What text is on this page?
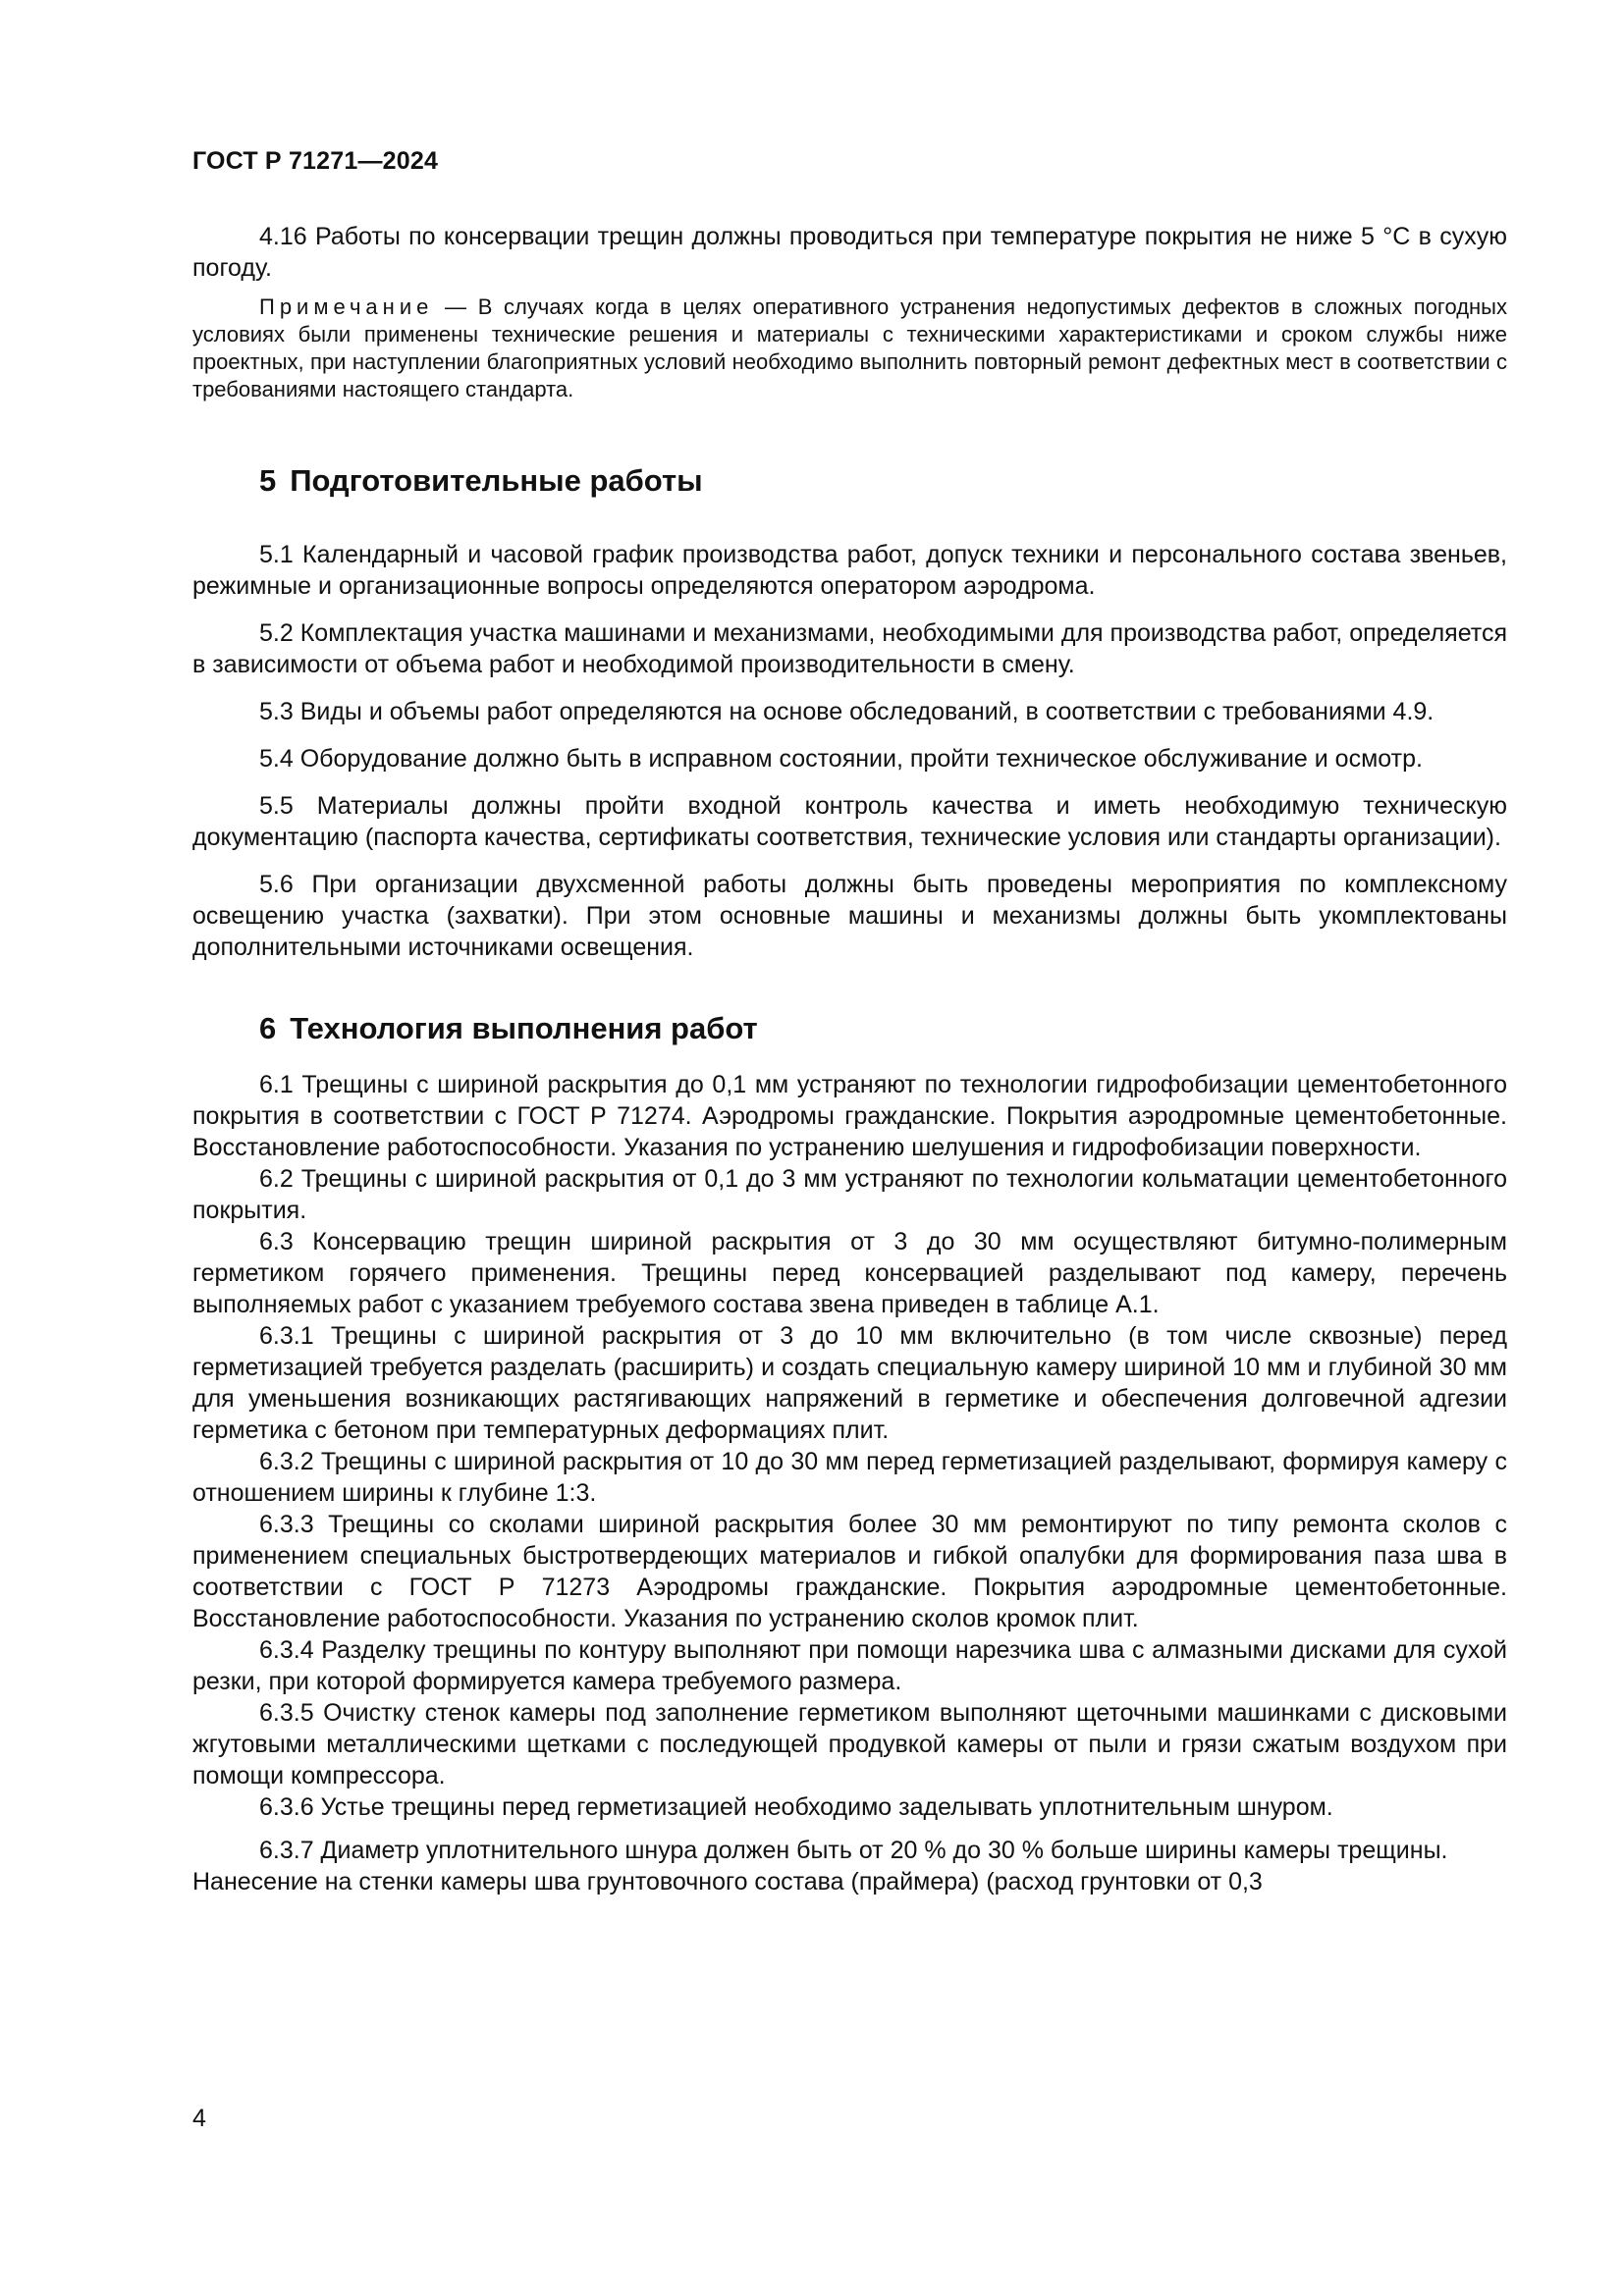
ГОСТ Р 71271—2024

4.16 Работы по консервации трещин должны проводиться при температуре покрытия не ниже 5 °С в сухую погоду.

Примечание — В случаях когда в целях оперативного устранения недопустимых дефектов в сложных погодных условиях были применены технические решения и материалы с техническими характеристиками и сроком службы ниже проектных, при наступлении благоприятных условий необходимо выполнить повторный ремонт дефектных мест в соответствии с требованиями настоящего стандарта.

5 Подготовительные работы

5.1 Календарный и часовой график производства работ, допуск техники и персонального состава звеньев, режимные и организационные вопросы определяются оператором аэродрома.

5.2 Комплектация участка машинами и механизмами, необходимыми для производства работ, определяется в зависимости от объема работ и необходимой производительности в смену.

5.3 Виды и объемы работ определяются на основе обследований, в соответствии с требованиями 4.9.

5.4 Оборудование должно быть в исправном состоянии, пройти техническое обслуживание и осмотр.

5.5 Материалы должны пройти входной контроль качества и иметь необходимую техническую документацию (паспорта качества, сертификаты соответствия, технические условия или стандарты организации).

5.6 При организации двухсменной работы должны быть проведены мероприятия по комплексному освещению участка (захватки). При этом основные машины и механизмы должны быть укомплектованы дополнительными источниками освещения.

6 Технология выполнения работ

6.1 Трещины с шириной раскрытия до 0,1 мм устраняют по технологии гидрофобизации цементобетонного покрытия в соответствии с ГОСТ Р 71274. Аэродромы гражданские. Покрытия аэродромные цементобетонные. Восстановление работоспособности. Указания по устранению шелушения и гидрофобизации поверхности.

6.2 Трещины с шириной раскрытия от 0,1 до 3 мм устраняют по технологии кольматации цементобетонного покрытия.

6.3 Консервацию трещин шириной раскрытия от 3 до 30 мм осуществляют битумно-полимерным герметиком горячего применения. Трещины перед консервацией разделывают под камеру, перечень выполняемых работ с указанием требуемого состава звена приведен в таблице А.1.

6.3.1 Трещины с шириной раскрытия от 3 до 10 мм включительно (в том числе сквозные) перед герметизацией требуется разделать (расширить) и создать специальную камеру шириной 10 мм и глубиной 30 мм для уменьшения возникающих растягивающих напряжений в герметике и обеспечения долговечной адгезии герметика с бетоном при температурных деформациях плит.

6.3.2 Трещины с шириной раскрытия от 10 до 30 мм перед герметизацией разделывают, формируя камеру с отношением ширины к глубине 1:3.

6.3.3 Трещины со сколами шириной раскрытия более 30 мм ремонтируют по типу ремонта сколов с применением специальных быстротвердеющих материалов и гибкой опалубки для формирования паза шва в соответствии с ГОСТ Р 71273 Аэродромы гражданские. Покрытия аэродромные цементобетонные. Восстановление работоспособности. Указания по устранению сколов кромок плит.

6.3.4 Разделку трещины по контуру выполняют при помощи нарезчика шва с алмазными дисками для сухой резки, при которой формируется камера требуемого размера.

6.3.5 Очистку стенок камеры под заполнение герметиком выполняют щеточными машинками с дисковыми жгутовыми металлическими щетками с последующей продувкой камеры от пыли и грязи сжатым воздухом при помощи компрессора.

6.3.6 Устье трещины перед герметизацией необходимо заделывать уплотнительным шнуром.

6.3.7 Диаметр уплотнительного шнура должен быть от 20 % до 30 % больше ширины камеры трещины. Нанесение на стенки камеры шва грунтовочного состава (праймера) (расход грунтовки от 0,3

4
